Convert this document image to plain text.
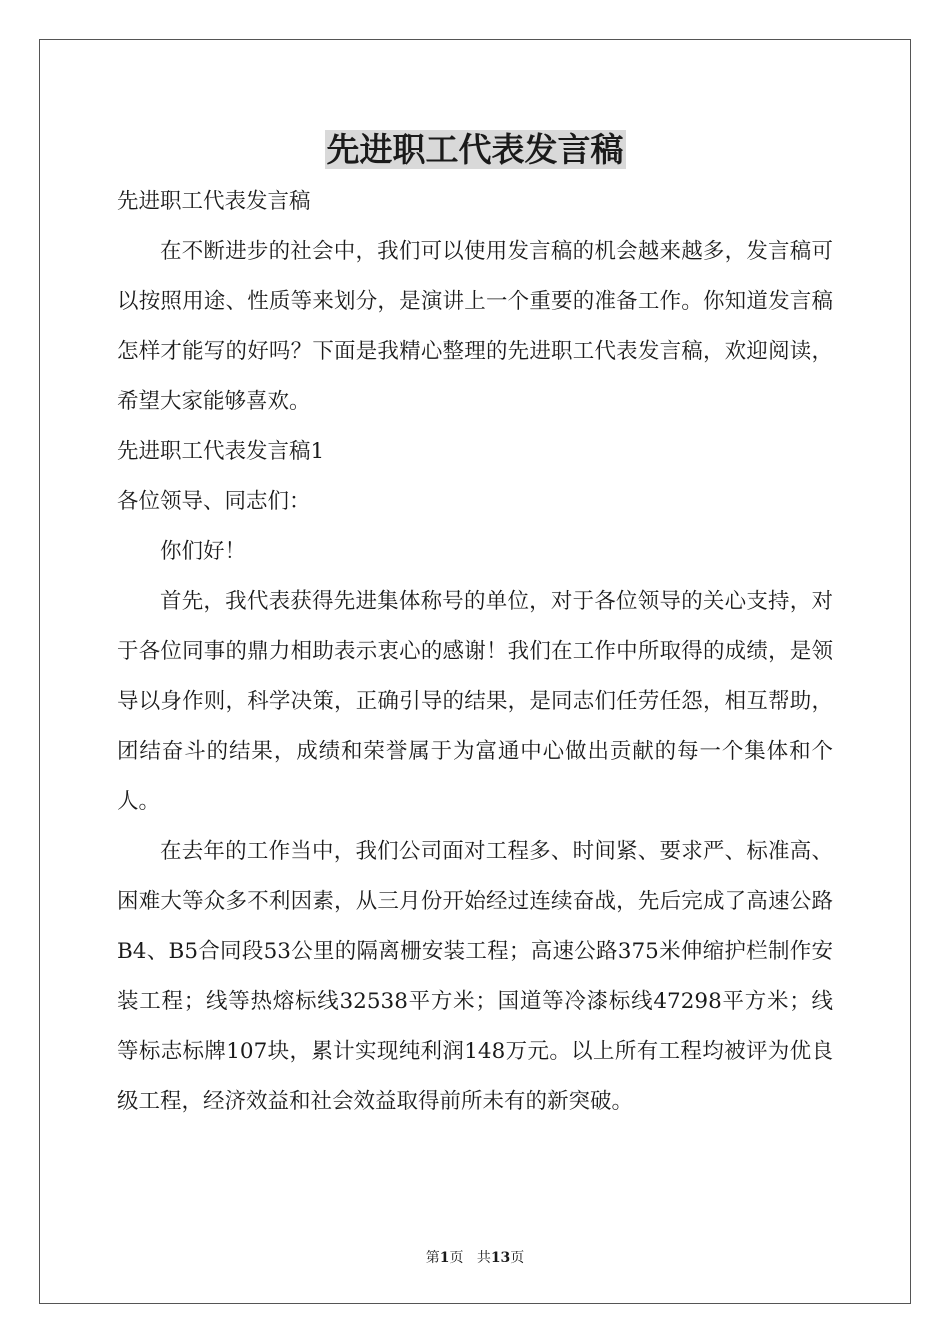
先进职工代表发言稿

先进职工代表发言稿

在不断进步的社会中，我们可以使用发言稿的机会越来越多，发言稿可以按照用途、性质等来划分，是演讲上一个重要的准备工作。你知道发言稿怎样才能写的好吗？下面是我精心整理的先进职工代表发言稿，欢迎阅读，希望大家能够喜欢。

先进职工代表发言稿1

各位领导、同志们：

你们好！

首先，我代表获得先进集体称号的单位，对于各位领导的关心支持，对于各位同事的鼎力相助表示衷心的感谢！我们在工作中所取得的成绩，是领导以身作则，科学决策，正确引导的结果，是同志们任劳任怨，相互帮助，团结奋斗的结果，成绩和荣誉属于为富通中心做出贡献的每一个集体和个人。

在去年的工作当中，我们公司面对工程多、时间紧、要求严、标准高、困难大等众多不利因素，从三月份开始经过连续奋战，先后完成了高速公路B4、B5合同段53公里的隔离栅安装工程；高速公路375米伸缩护栏制作安装工程；线等热熔标线32538平方米；国道等冷漆标线47298平方米；线等标志标牌107块，累计实现纯利润148万元。以上所有工程均被评为优良级工程，经济效益和社会效益取得前所未有的新突破。

第1页 共13页
